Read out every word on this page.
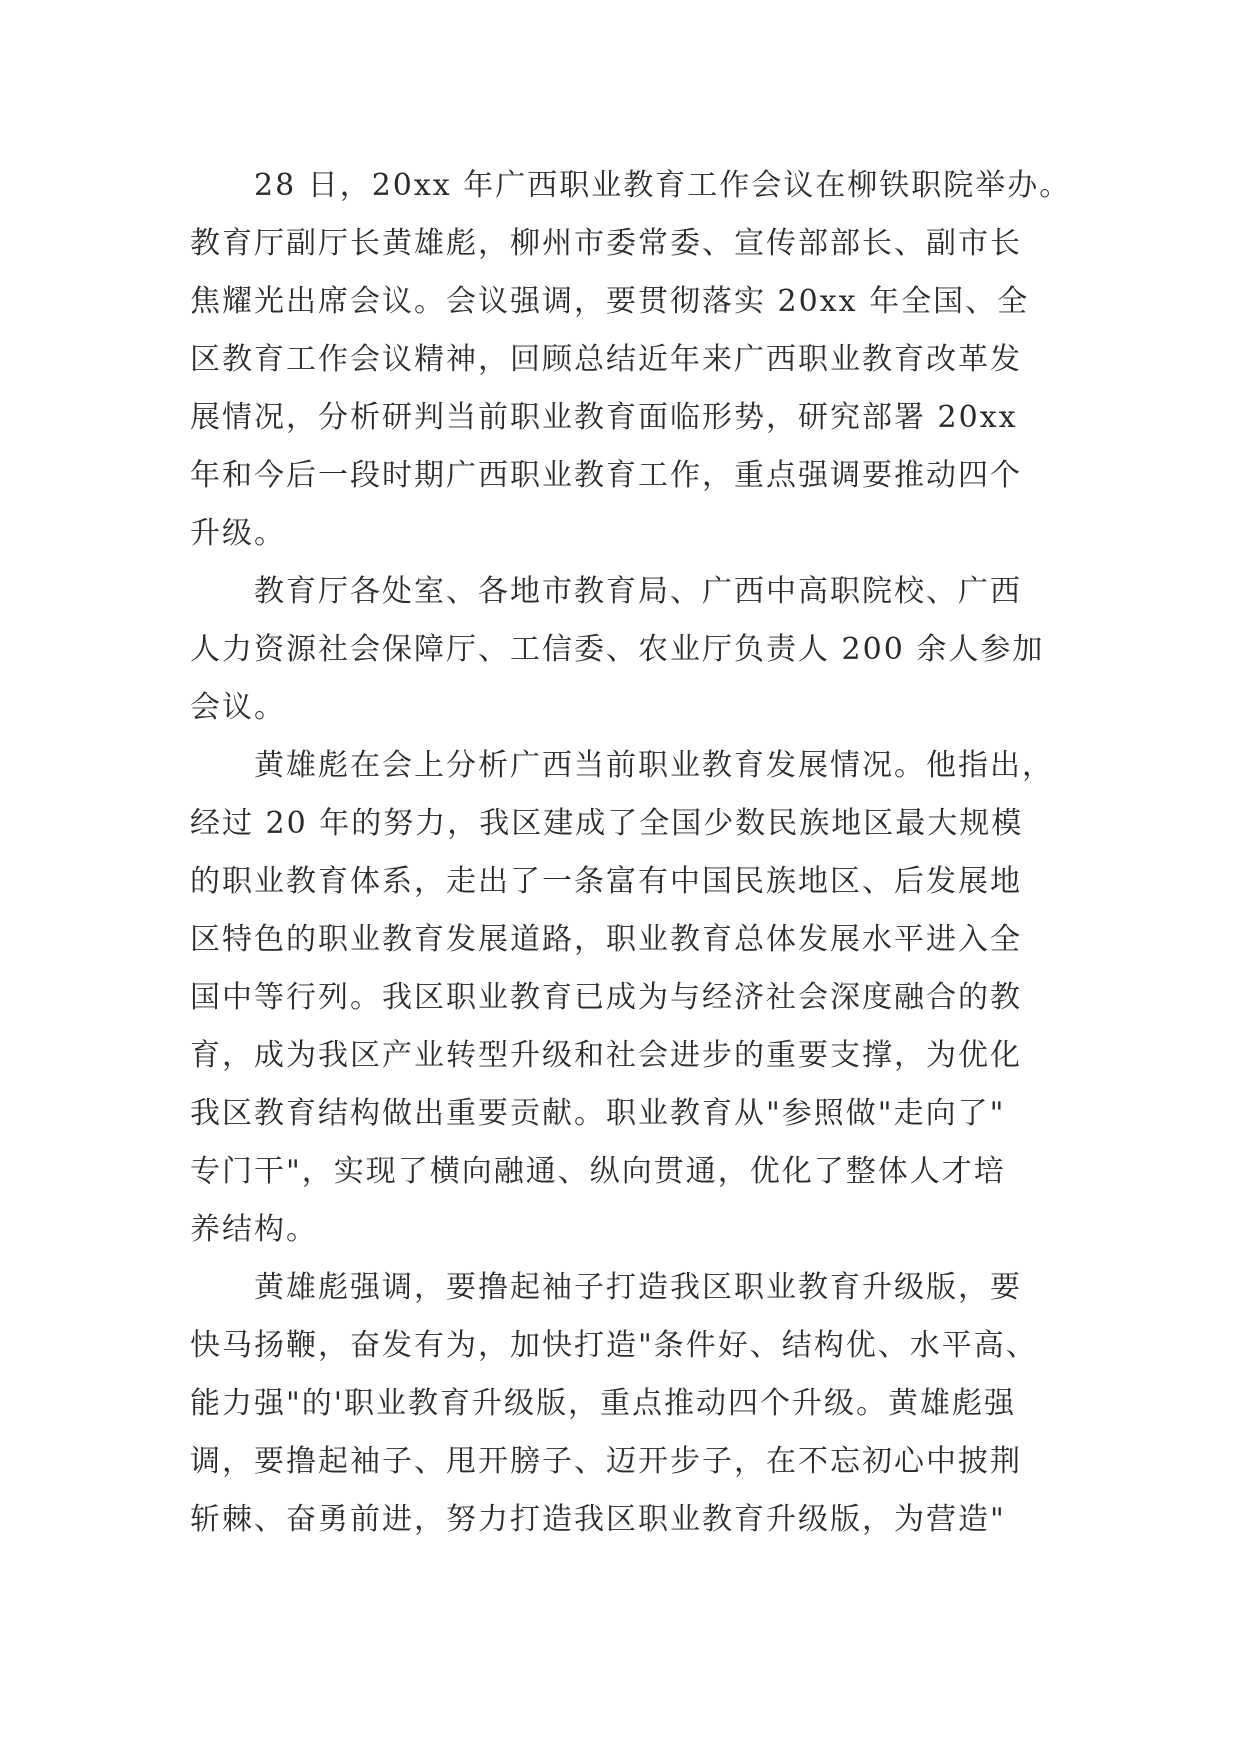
28 日，20xx 年广西职业教育工作会议在柳铁职院举办。
教育厅副厅长黄雄彪，柳州市委常委、宣传部部长、副市长
焦耀光出席会议。会议强调，要贯彻落实 20xx 年全国、全
区教育工作会议精神，回顾总结近年来广西职业教育改革发
展情况，分析研判当前职业教育面临形势，研究部署 20xx
年和今后一段时期广西职业教育工作，重点强调要推动四个
升级。
教育厅各处室、各地市教育局、广西中高职院校、广西
人力资源社会保障厅、工信委、农业厅负责人 200 余人参加
会议。
黄雄彪在会上分析广西当前职业教育发展情况。他指出，
经过 20 年的努力，我区建成了全国少数民族地区最大规模
的职业教育体系，走出了一条富有中国民族地区、后发展地
区特色的职业教育发展道路，职业教育总体发展水平进入全
国中等行列。我区职业教育已成为与经济社会深度融合的教
育，成为我区产业转型升级和社会进步的重要支撑，为优化
我区教育结构做出重要贡献。职业教育从"参照做"走向了"
专门干"，实现了横向融通、纵向贯通，优化了整体人才培
养结构。
黄雄彪强调，要撸起袖子打造我区职业教育升级版，要
快马扬鞭，奋发有为，加快打造"条件好、结构优、水平高、
能力强"的'职业教育升级版，重点推动四个升级。黄雄彪强
调，要撸起袖子、甩开膀子、迈开步子，在不忘初心中披荆
斩棘、奋勇前进，努力打造我区职业教育升级版，为营造"
